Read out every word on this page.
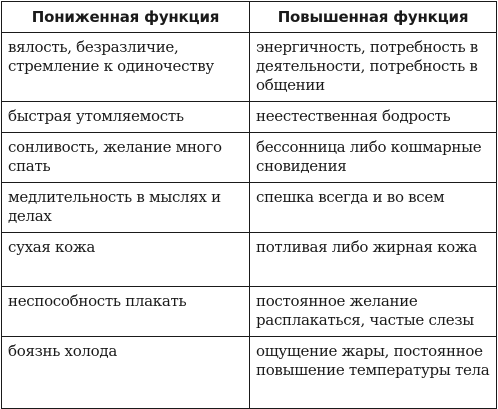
Пониженная функция	Повышенная функция
вялость, безразличие, стремление к одиночеству	энергичность, потребность в деятельности, потребность в общении
быстрая утомляемость	неестественная бодрость
сонливость, желание много спать	бессонница либо кошмарные сновидения
медлительность в мыслях и делах	спешка всегда и во всем
сухая кожа	потливая либо жирная кожа
неспособность плакать	постоянное желание расплакаться, частые слезы
боязнь холода	ощущение жары, постоянное повышение температуры тела
